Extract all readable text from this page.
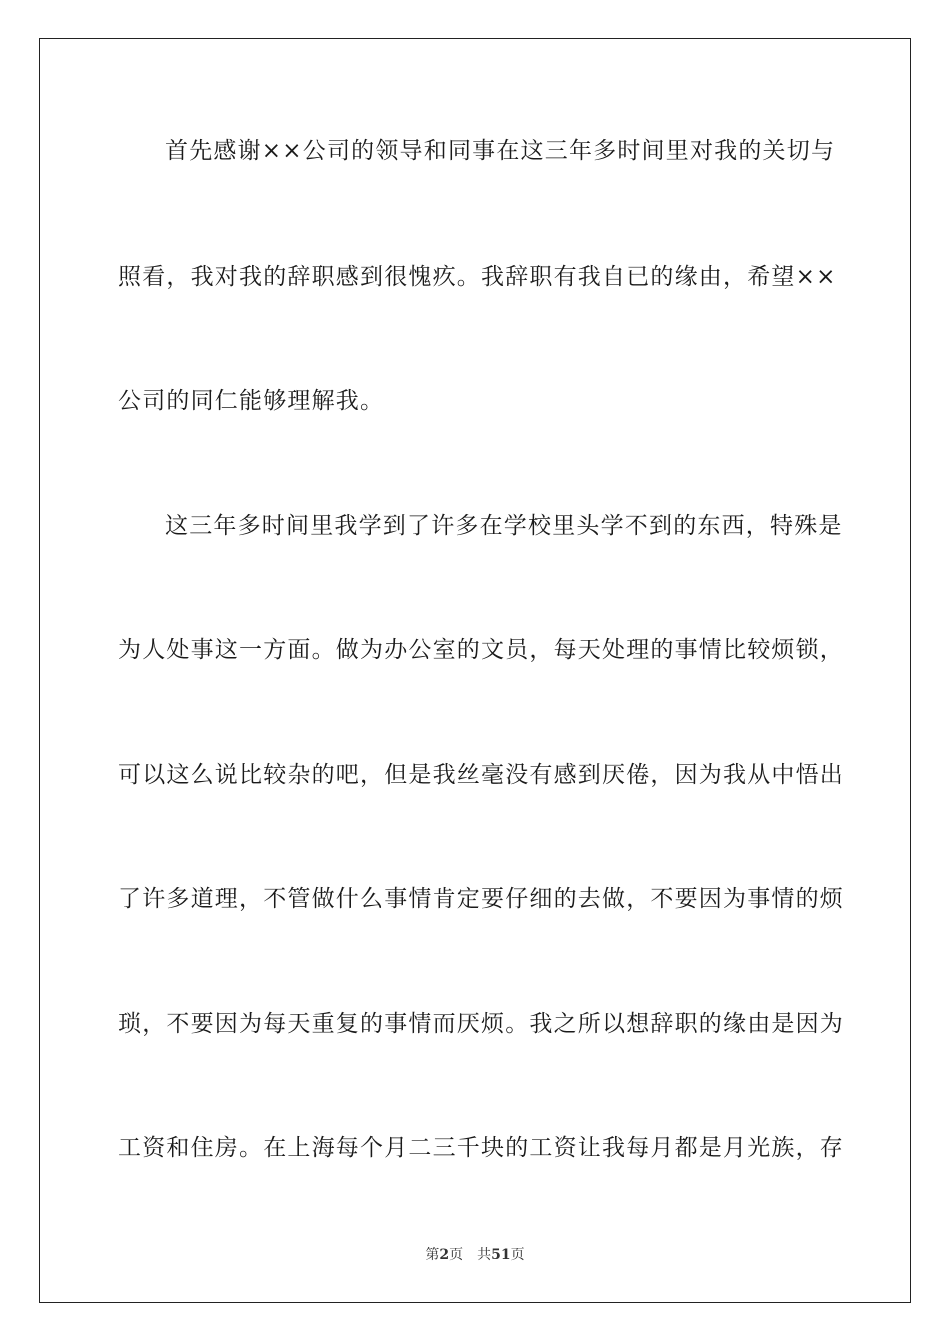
首先感谢××公司的领导和同事在这三年多时间里对我的关切与
照看，我对我的辞职感到很愧疚。我辞职有我自已的缘由，希望××
公司的同仁能够理解我。
这三年多时间里我学到了许多在学校里头学不到的东西，特殊是
为人处事这一方面。做为办公室的文员，每天处理的事情比较烦锁，
可以这么说比较杂的吧，但是我丝毫没有感到厌倦，因为我从中悟出
了许多道理，不管做什么事情肯定要仔细的去做，不要因为事情的烦
琐，不要因为每天重复的事情而厌烦。我之所以想辞职的缘由是因为
工资和住房。在上海每个月二三千块的工资让我每月都是月光族，存
第2页 共51页
